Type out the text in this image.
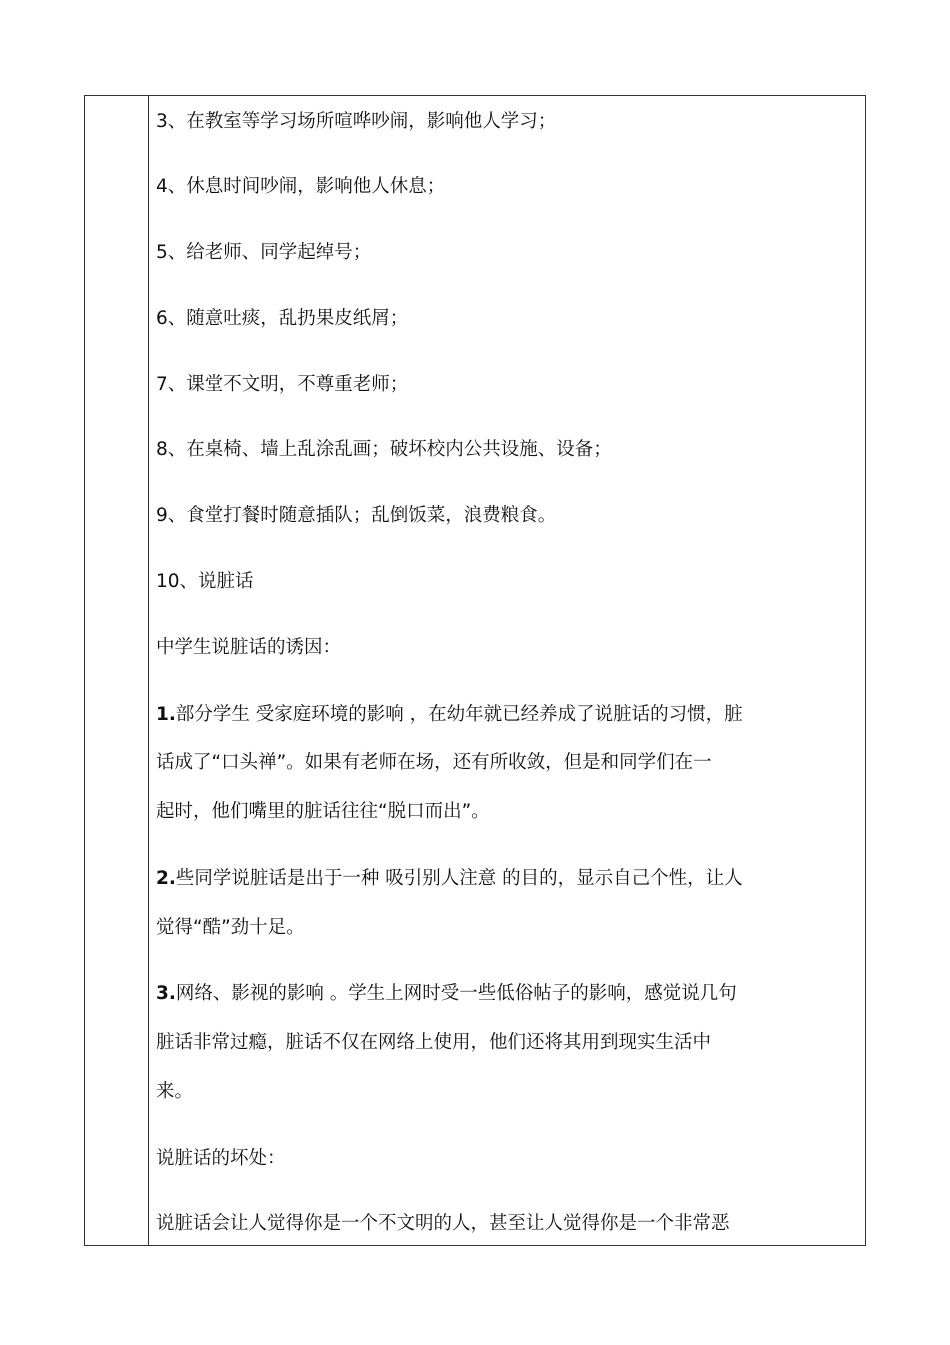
3、在教室等学习场所喧哗吵闹，影响他人学习；
4、休息时间吵闹，影响他人休息；
5、给老师、同学起绰号；
6、随意吐痰，乱扔果皮纸屑；
7、课堂不文明，不尊重老师；
8、在桌椅、墙上乱涂乱画；破坏校内公共设施、设备；
9、食堂打餐时随意插队；乱倒饭菜，浪费粮食。
10、说脏话
中学生说脏话的诱因：
1.部分学生 受家庭环境的影响 ，在幼年就已经养成了说脏话的习惯，脏
话成了“口头禅”。如果有老师在场，还有所收敛，但是和同学们在一
起时，他们嘴里的脏话往往“脱口而出”。
2.些同学说脏话是出于一种 吸引别人注意 的目的，显示自己个性，让人
觉得“酷”劲十足。
3.网络、影视的影响 。学生上网时受一些低俗帖子的影响，感觉说几句
脏话非常过瘾，脏话不仅在网络上使用，他们还将其用到现实生活中
来。
说脏话的坏处：
说脏话会让人觉得你是一个不文明的人，甚至让人觉得你是一个非常恶
